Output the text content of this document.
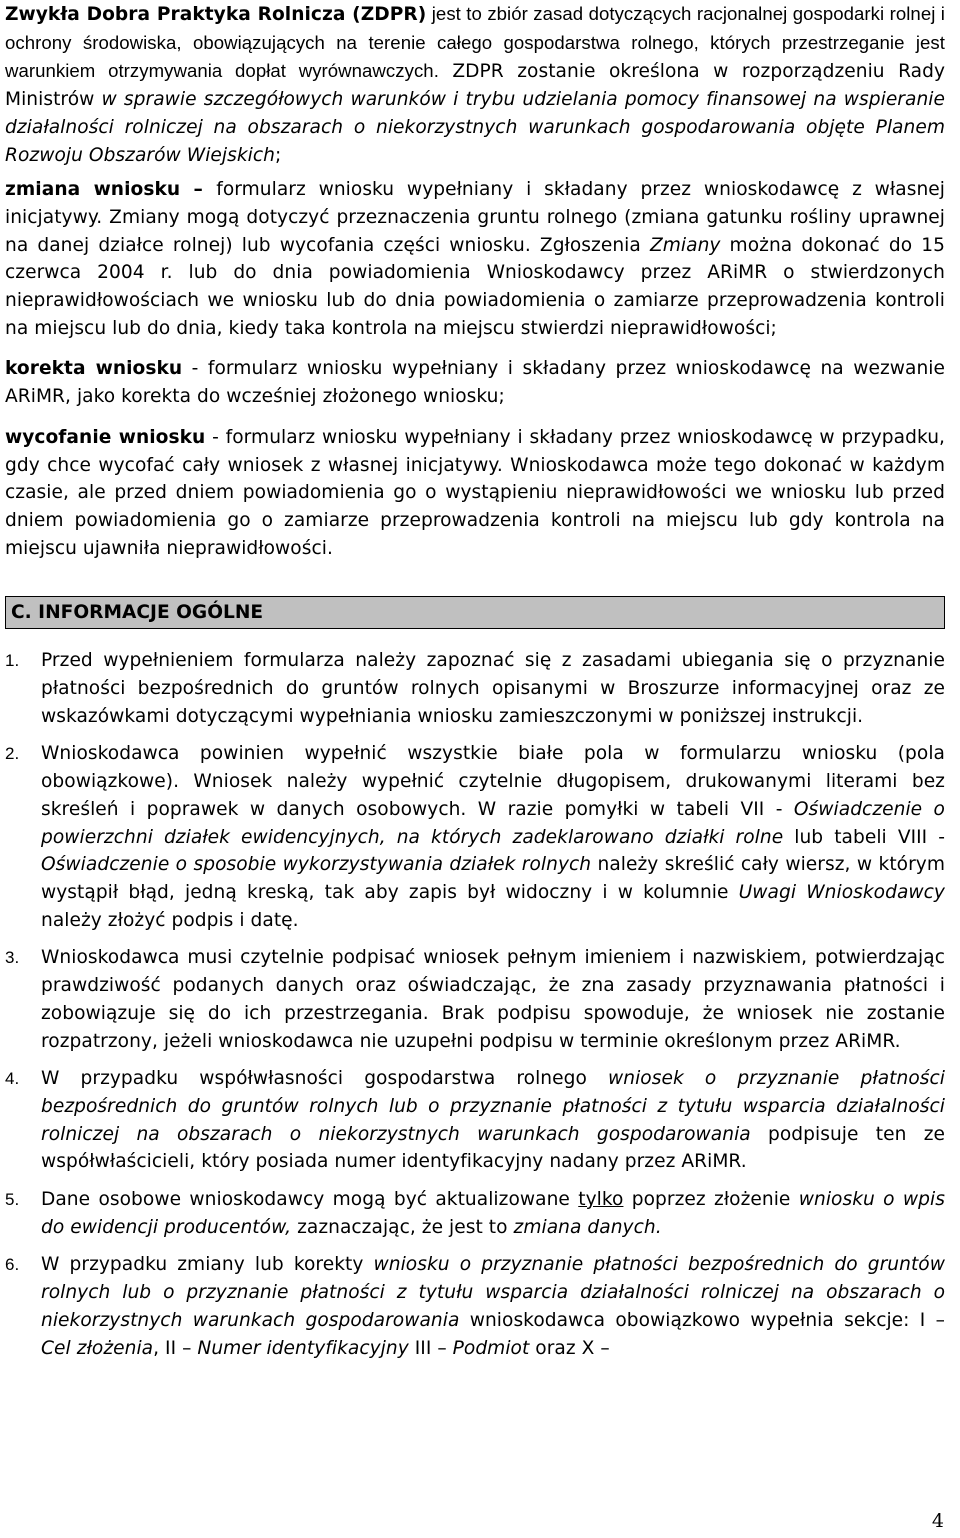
Zwykła Dobra Praktyka Rolnicza (ZDPR) jest to zbiór zasad dotyczących racjonalnej gospodarki rolnej i ochrony środowiska, obowiązujących na terenie całego gospodarstwa rolnego, których przestrzeganie jest warunkiem otrzymywania dopłat wyrównawczych. ZDPR zostanie określona w rozporządzeniu Rady Ministrów w sprawie szczegółowych warunków i trybu udzielania pomocy finansowej na wspieranie działalności rolniczej na obszarach o niekorzystnych warunkach gospodarowania objęte Planem Rozwoju Obszarów Wiejskich;

zmiana wniosku – formularz wniosku wypełniany i składany przez wnioskodawcę z własnej inicjatywy. Zmiany mogą dotyczyć przeznaczenia gruntu rolnego (zmiana gatunku rośliny uprawnej na danej działce rolnej) lub wycofania części wniosku. Zgłoszenia Zmiany można dokonać do 15 czerwca 2004 r. lub do dnia powiadomienia Wnioskodawcy przez ARiMR o stwierdzonych nieprawidłowościach we wniosku lub do dnia powiadomienia o zamiarze przeprowadzenia kontroli na miejscu lub do dnia, kiedy taka kontrola na miejscu stwierdzi nieprawidłowości;

korekta wniosku - formularz wniosku wypełniany i składany przez wnioskodawcę na wezwanie ARiMR, jako korekta do wcześniej złożonego wniosku;

wycofanie wniosku - formularz wniosku wypełniany i składany przez wnioskodawcę w przypadku, gdy chce wycofać cały wniosek z własnej inicjatywy. Wnioskodawca może tego dokonać w każdym czasie, ale przed dniem powiadomienia go o wystąpieniu nieprawidłowości we wniosku lub przed dniem powiadomienia go o zamiarze przeprowadzenia kontroli na miejscu lub gdy kontrola na miejscu ujawniła nieprawidłowości.

C. INFORMACJE OGÓLNE
1. Przed wypełnieniem formularza należy zapoznać się z zasadami ubiegania się o przyznanie płatności bezpośrednich do gruntów rolnych opisanymi w Broszurze informacyjnej oraz ze wskazówkami dotyczącymi wypełniania wniosku zamieszczonymi w poniższej instrukcji.
2. Wnioskodawca powinien wypełnić wszystkie białe pola w formularzu wniosku (pola obowiązkowe). Wniosek należy wypełnić czytelnie długopisem, drukowanymi literami bez skreśleń i poprawek w danych osobowych. W razie pomyłki w tabeli VII - Oświadczenie o powierzchni działek ewidencyjnych, na których zadeklarowano działki rolne lub tabeli VIII - Oświadczenie o sposobie wykorzystywania działek rolnych należy skreślić cały wiersz, w którym wystąpił błąd, jedną kreską, tak aby zapis był widoczny i w kolumnie Uwagi Wnioskodawcy należy złożyć podpis i datę.
3. Wnioskodawca musi czytelnie podpisać wniosek pełnym imieniem i nazwiskiem, potwierdzając prawdziwość podanych danych oraz oświadczając, że zna zasady przyznawania płatności i zobowiązuje się do ich przestrzegania. Brak podpisu spowoduje, że wniosek nie zostanie rozpatrzony, jeżeli wnioskodawca nie uzupełni podpisu w terminie określonym przez ARiMR.
4. W przypadku współwłasności gospodarstwa rolnego wniosek o przyznanie płatności bezpośrednich do gruntów rolnych lub o przyznanie płatności z tytułu wsparcia działalności rolniczej na obszarach o niekorzystnych warunkach gospodarowania podpisuje ten ze współwłaścicieli, który posiada numer identyfikacyjny nadany przez ARiMR.
5. Dane osobowe wnioskodawcy mogą być aktualizowane tylko poprzez złożenie wniosku o wpis do ewidencji producentów, zaznaczając, że jest to zmiana danych.
6. W przypadku zmiany lub korekty wniosku o przyznanie płatności bezpośrednich do gruntów rolnych lub o przyznanie płatności z tytułu wsparcia działalności rolniczej na obszarach o niekorzystnych warunkach gospodarowania wnioskodawca obowiązkowo wypełnia sekcje: I – Cel złożenia, II – Numer identyfikacyjny III – Podmiot oraz X –
4
